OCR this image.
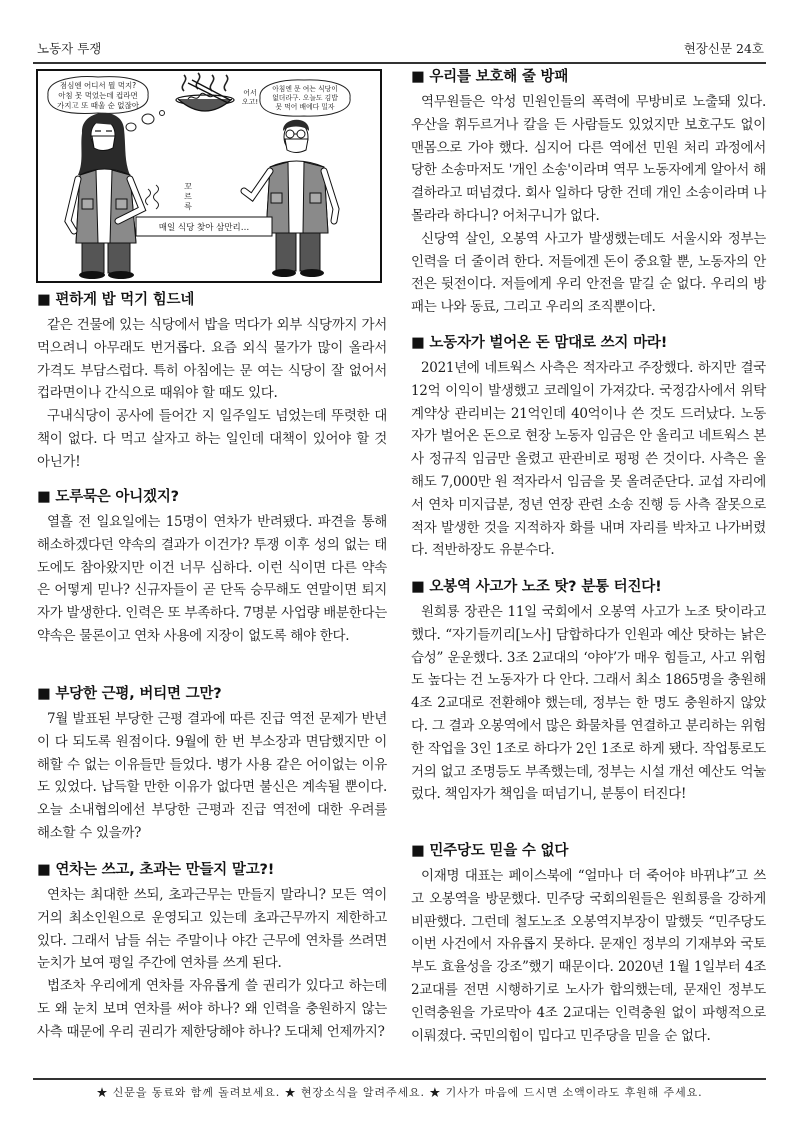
노동자 투쟁	현장신문 24호
점심엔 어디서 뭘 먹지?
아침 못 먹었는데 컵라면
가지고 또 때울 순 없잖아
어서
오고!
아침엔 문 여는 식당이
없더라구. 오늘도 김밥
못 먹어 배에다 밀자
꼬
르
륵
매일 식당 찾아 삼만리…
■ 편하게 밥 먹기 힘드네

같은 건물에 있는 식당에서 밥을 먹다가 외부 식당까지 가서 먹으려니 아무래도 번거롭다. 요즘 외식 물가가 많이 올라서 가격도 부담스럽다. 특히 아침에는 문 여는 식당이 잘 없어서 컵라면이나 간식으로 때워야 할 때도 있다.

구내식당이 공사에 들어간 지 일주일도 넘었는데 뚜렷한 대책이 없다. 다 먹고 살자고 하는 일인데 대책이 있어야 할 것 아닌가!

■ 도루묵은 아니겠지?

열흘 전 일요일에는 15명이 연차가 반려됐다. 파견을 통해 해소하겠다던 약속의 결과가 이건가? 투쟁 이후 성의 없는 태도에도 참아왔지만 이건 너무 심하다. 이런 식이면 다른 약속은 어떻게 믿나? 신규자들이 곧 단독 승무해도 연말이면 퇴지자가 발생한다. 인력은 또 부족하다. 7명분 사업량 배분한다는 약속은 물론이고 연차 사용에 지장이 없도록 해야 한다.

■ 부당한 근평, 버티면 그만?

7월 발표된 부당한 근평 결과에 따른 진급 역전 문제가 반년이 다 되도록 원점이다. 9월에 한 번 부소장과 면담했지만 이해할 수 없는 이유들만 들었다. 병가 사용 같은 어이없는 이유도 있었다. 납득할 만한 이유가 없다면 불신은 계속될 뿐이다. 오늘 소내협의에선 부당한 근평과 진급 역전에 대한 우려를 해소할 수 있을까?

■ 연차는 쓰고, 초과는 만들지 말고?!

연차는 최대한 쓰되, 초과근무는 만들지 말라니? 모든 역이 거의 최소인원으로 운영되고 있는데 초과근무까지 제한하고 있다. 그래서 남들 쉬는 주말이나 야간 근무에 연차를 쓰려면 눈치가 보여 평일 주간에 연차를 쓰게 된다.

법조차 우리에게 연차를 자유롭게 쓸 권리가 있다고 하는데도 왜 눈치 보며 연차를 써야 하나? 왜 인력을 충원하지 않는 사측 때문에 우리 권리가 제한당해야 하나? 도대체 언제까지?

■ 우리를 보호해 줄 방패

역무원들은 악성 민원인들의 폭력에 무방비로 노출돼 있다. 우산을 휘두르거나 칼을 든 사람들도 있었지만 보호구도 없이 맨몸으로 가야 했다. 심지어 다른 역에선 민원 처리 과정에서 당한 소송마저도 '개인 소송'이라며 역무 노동자에게 알아서 해결하라고 떠넘겼다. 회사 일하다 당한 건데 개인 소송이라며 나 몰라라 하다니? 어처구니가 없다.

신당역 살인, 오봉역 사고가 발생했는데도 서울시와 정부는 인력을 더 줄이려 한다. 저들에겐 돈이 중요할 뿐, 노동자의 안전은 뒷전이다. 저들에게 우리 안전을 맡길 순 없다. 우리의 방패는 나와 동료, 그리고 우리의 조직뿐이다.

■ 노동자가 벌어온 돈 맘대로 쓰지 마라!

2021년에 네트웍스 사측은 적자라고 주장했다. 하지만 결국 12억 이익이 발생했고 코레일이 가져갔다. 국정감사에서 위탁계약상 관리비는 21억인데 40억이나 쓴 것도 드러났다. 노동자가 벌어온 돈으로 현장 노동자 임금은 안 올리고 네트웍스 본사 정규직 임금만 올렸고 판관비로 펑펑 쓴 것이다. 사측은 올해도 7,000만 원 적자라서 임금을 못 올려준단다. 교섭 자리에서 연차 미지급분, 정년 연장 관련 소송 진행 등 사측 잘못으로 적자 발생한 것을 지적하자 화를 내며 자리를 박차고 나가버렸다. 적반하장도 유분수다.

■ 오봉역 사고가 노조 탓? 분통 터진다!

원희룡 장관은 11일 국회에서 오봉역 사고가 노조 탓이라고 했다. “자기들끼리[노사] 담합하다가 인원과 예산 탓하는 낡은 습성” 운운했다. 3조 2교대의 ‘야야’가 매우 힘들고, 사고 위험도 높다는 건 노동자가 다 안다. 그래서 최소 1865명을 충원해 4조 2교대로 전환해야 했는데, 정부는 한 명도 충원하지 않았다. 그 결과 오봉역에서 많은 화물차를 연결하고 분리하는 위험한 작업을 3인 1조로 하다가 2인 1조로 하게 됐다. 작업통로도 거의 없고 조명등도 부족했는데, 정부는 시설 개선 예산도 억눌렀다. 책임자가 책임을 떠넘기니, 분통이 터진다!

■ 민주당도 믿을 수 없다

이재명 대표는 페이스북에 “얼마나 더 죽어야 바뀌냐”고 쓰고 오봉역을 방문했다. 민주당 국회의원들은 원희룡을 강하게 비판했다. 그런데 철도노조 오봉역지부장이 말했듯 “민주당도 이번 사건에서 자유롭지 못하다. 문재인 정부의 기재부와 국토부도 효율성을 강조”했기 때문이다. 2020년 1월 1일부터 4조 2교대를 전면 시행하기로 노사가 합의했는데, 문재인 정부도 인력충원을 가로막아 4조 2교대는 인력충원 없이 파행적으로 이뤄졌다. 국민의힘이 밉다고 민주당을 믿을 순 없다.

★ 신문을 동료와 함께 돌려보세요. ★ 현장소식을 알려주세요. ★ 기사가 마음에 드시면 소액이라도 후원해 주세요.
